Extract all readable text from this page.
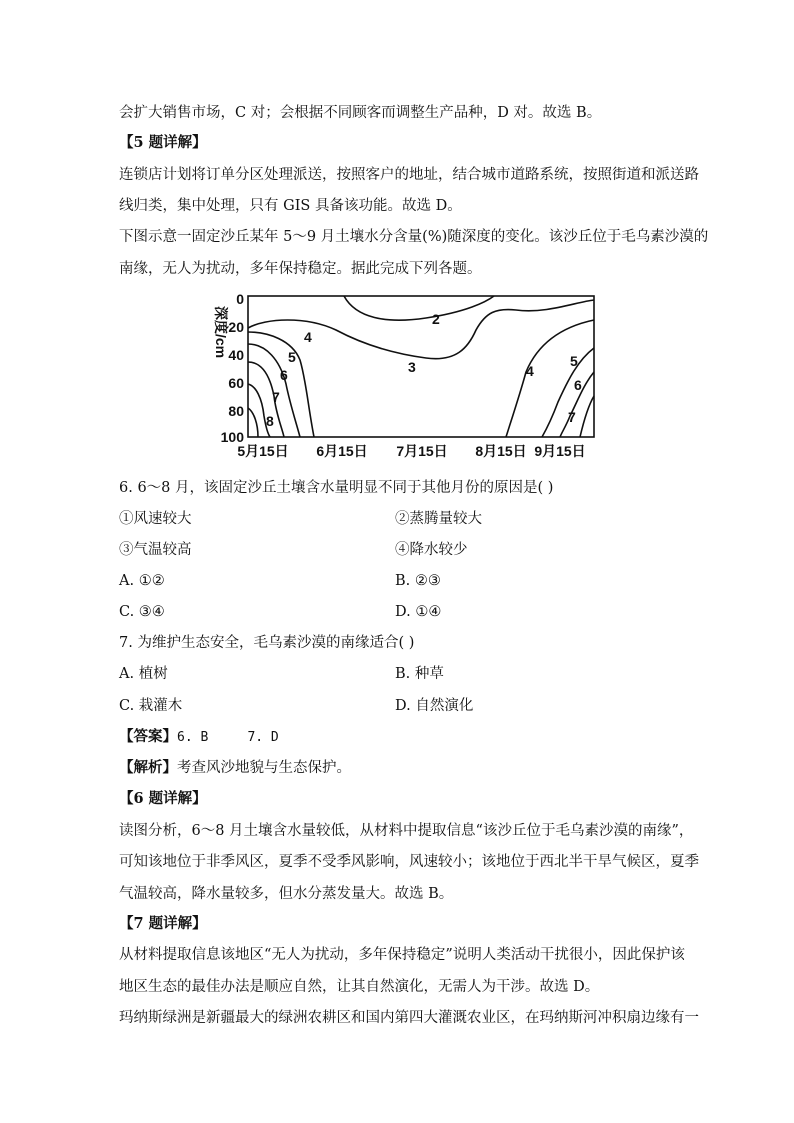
会扩大销售市场，C 对；会根据不同顾客而调整生产品种，D 对。故选 B。
【5 题详解】
连锁店计划将订单分区处理派送，按照客户的地址，结合城市道路系统，按照街道和派送路
线归类，集中处理，只有 GIS 具备该功能。故选 D。
下图示意一固定沙丘某年 5～9 月土壤水分含量(%)随深度的变化。该沙丘位于毛乌素沙漠的
南缘，无人为扰动，多年保持稳定。据此完成下列各题。
深度/cm
0
20
40
60
80
100
2
3
4
5
6
7
8
4
5
6
7
5月15日 6月15日 7月15日 8月15日 9月15日
6. 6～8 月，该固定沙丘土壤含水量明显不同于其他月份的原因是( )
①风速较大	②蒸腾量较大
③气温较高	④降水较少
A. ①②	B. ②③
C. ③④	D. ①④
7. 为维护生态安全，毛乌素沙漠的南缘适合( )
A. 植树	B. 种草
C. 栽灌木	D. 自然演化
【答案】6. B     7. D
【解析】考查风沙地貌与生态保护。
【6 题详解】
读图分析，6～8 月土壤含水量较低，从材料中提取信息“该沙丘位于毛乌素沙漠的南缘”，
可知该地位于非季风区，夏季不受季风影响，风速较小；该地位于西北半干旱气候区，夏季
气温较高，降水量较多，但水分蒸发量大。故选 B。
【7 题详解】
从材料提取信息该地区“无人为扰动，多年保持稳定”说明人类活动干扰很小，因此保护该
地区生态的最佳办法是顺应自然，让其自然演化，无需人为干涉。故选 D。
玛纳斯绿洲是新疆最大的绿洲农耕区和国内第四大灌溉农业区，在玛纳斯河冲积扇边缘有一
